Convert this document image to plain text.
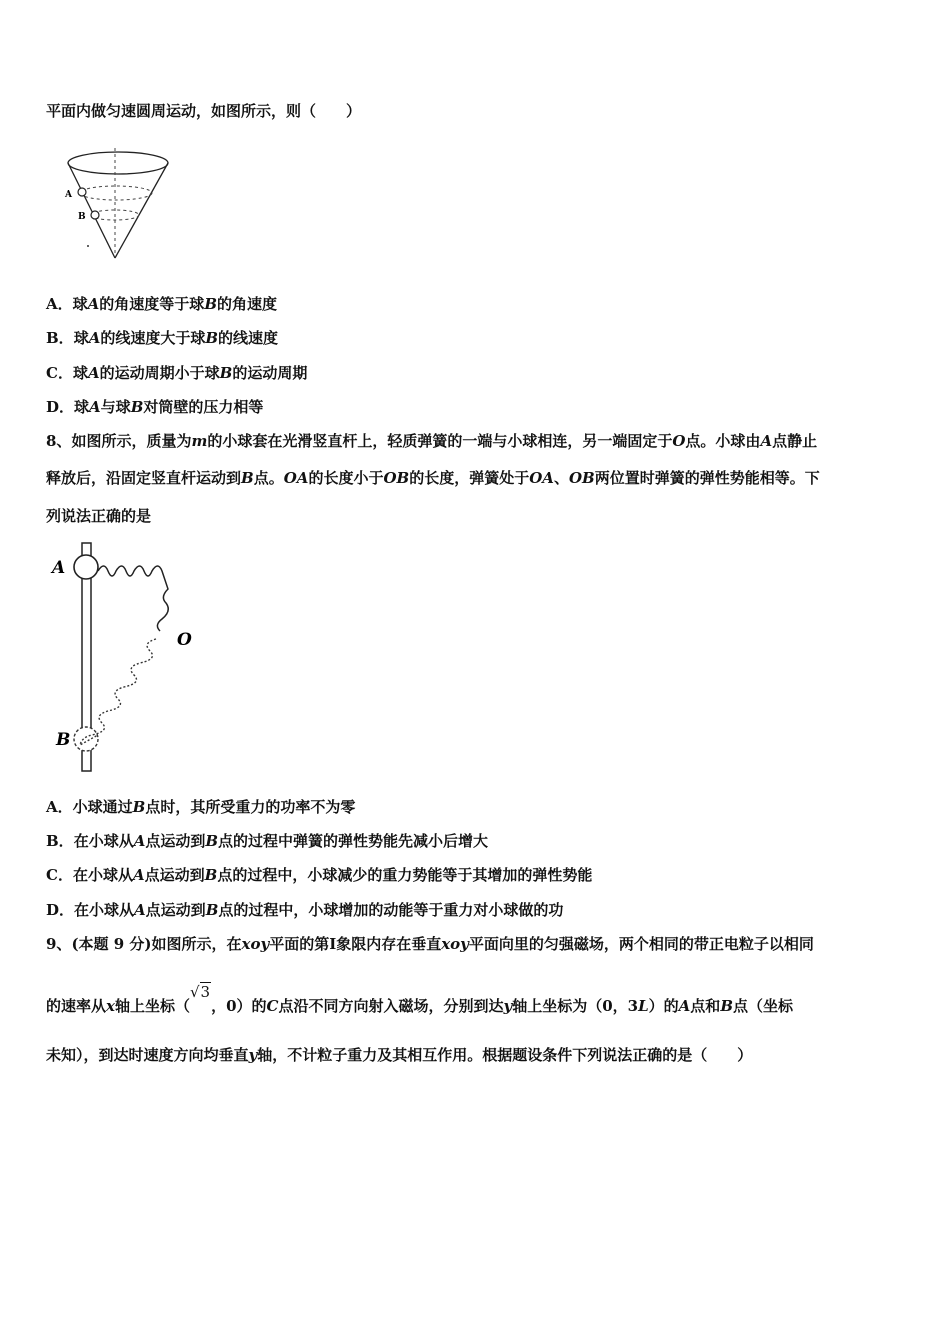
平面内做匀速圆周运动，如图所示，则（　　）
A
B
A．球A的角速度等于球B的角速度
B．球A的线速度大于球B的线速度
C．球A的运动周期小于球B的运动周期
D．球A与球B对筒壁的压力相等
8、如图所示，质量为m的小球套在光滑竖直杆上，轻质弹簧的一端与小球相连，另一端固定于O点。小球由A点静止
释放后，沿固定竖直杆运动到B点。OA的长度小于OB的长度，弹簧处于OA、OB两位置时弹簧的弹性势能相等。下
列说法正确的是
A
O
B
A．小球通过B点时，其所受重力的功率不为零
B．在小球从A点运动到B点的过程中弹簧的弹性势能先减小后增大
C．在小球从A点运动到B点的过程中，小球减少的重力势能等于其增加的弹性势能
D．在小球从A点运动到B点的过程中，小球增加的动能等于重力对小球做的功
9、(本题 9 分)如图所示，在xoy平面的第Ⅰ象限内存在垂直xoy平面向里的匀强磁场，两个相同的带正电粒子以相同
的速率从x轴上坐标（√3，0）的C点沿不同方向射入磁场，分别到达y轴上坐标为（0，3L）的A点和B点（坐标
未知），到达时速度方向均垂直y轴，不计粒子重力及其相互作用。根据题设条件下列说法正确的是（　　）
